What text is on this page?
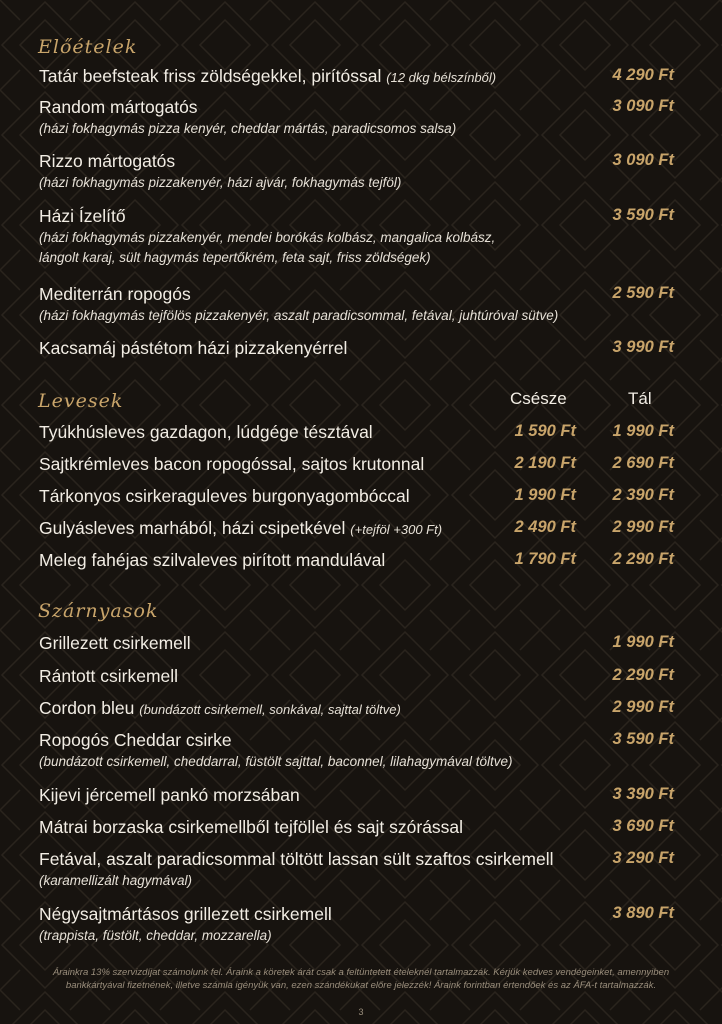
Előételek
Tatár beefsteak friss zöldségekkel, pirítóssal (12 dkg bélszínből)	4 290 Ft
Random mártogatós
(házi fokhagymás pizza kenyér, cheddar mártás, paradicsomos salsa)
3 090 Ft
Rizzo mártogatós
(házi fokhagymás pizzakenyér, házi ajvár, fokhagymás tejföl)
3 090 Ft
Házi Ízelítő
(házi fokhagymás pizzakenyér, mendei borókás kolbász, mangalica kolbász,
lángolt karaj, sült hagymás tepertőkrém, feta sajt, friss zöldségek)
3 590 Ft
Mediterrán ropogós
(házi fokhagymás tejfölös pizzakenyér, aszalt paradicsommal, fetával, juhtúróval sütve)
2 590 Ft
Kacsamáj pástétom házi pizzakenyérrel	3 990 Ft
Levesek	Csésze	Tál
Tyúkhúsleves gazdagon, lúdgége tésztával	1 590 Ft	1 990 Ft
Sajtkrémleves bacon ropogóssal, sajtos krutonnal	2 190 Ft	2 690 Ft
Tárkonyos csirkeraguleves burgonyagombóccal	1 990 Ft	2 390 Ft
Gulyásleves marhából, házi csipetkével (+tejföl +300 Ft)	2 490 Ft	2 990 Ft
Meleg fahéjas szilvaleves pirított mandulával	1 790 Ft	2 290 Ft
Szárnyasok
Grillezett csirkemell	1 990 Ft
Rántott csirkemell	2 290 Ft
Cordon bleu (bundázott csirkemell, sonkával, sajttal töltve)	2 990 Ft
Ropogós Cheddar csirke
(bundázott csirkemell, cheddarral, füstölt sajttal, baconnel, lilahagymával töltve)
3 590 Ft
Kijevi jércemell pankó morzsában	3 390 Ft
Mátrai borzaska csirkemellből tejföllel és sajt szórással	3 690 Ft
Fetával, aszalt paradicsommal töltött lassan sült szaftos csirkemell
(karamellizált hagymával)
3 290 Ft
Négysajtmártásos grillezett csirkemell
(trappista, füstölt, cheddar, mozzarella)
3 890 Ft
Árainkra 13% szervizdíjat számolunk fel. Áraink a köretek árát csak a feltüntetett ételeknél tartalmazzák. Kérjük kedves vendégeinket, amennyiben
bankkártyával fizetnének, illetve számla igényük van, ezen szándékukat előre jelezzék! Áraink forintban értendőek és az ÁFA-t tartalmazzák.
3
